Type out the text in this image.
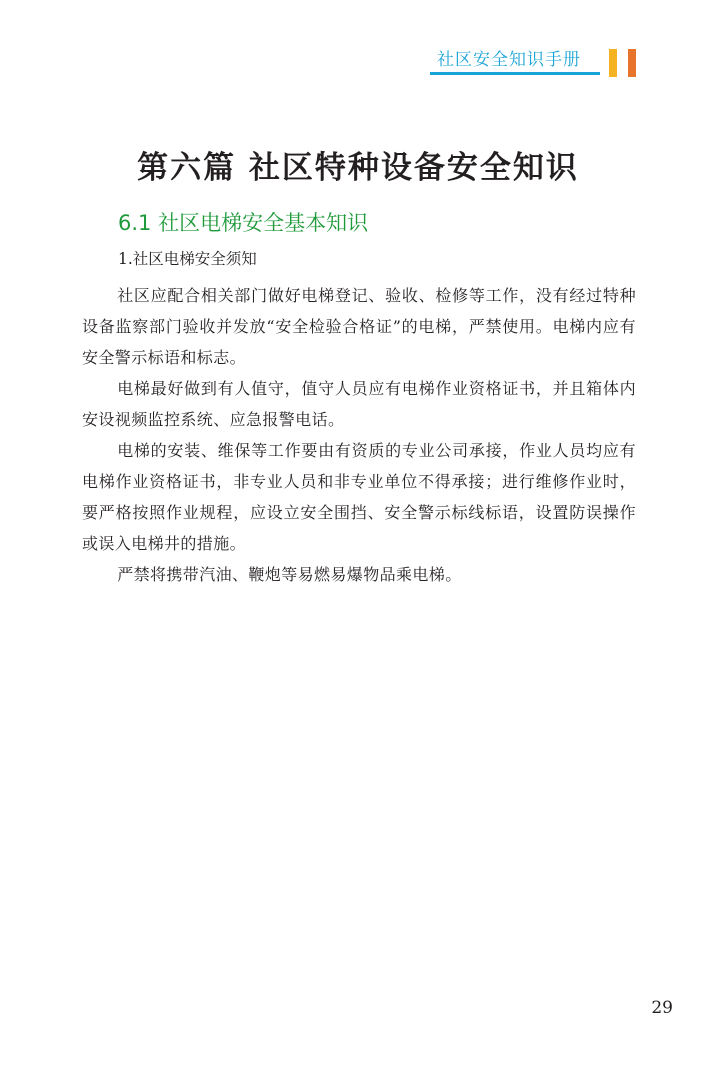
社区安全知识手册
第六篇 社区特种设备安全知识
6.1 社区电梯安全基本知识
1.社区电梯安全须知

社区应配合相关部门做好电梯登记、验收、检修等工作，没有经过特种设备监察部门验收并发放“安全检验合格证”的电梯，严禁使用。电梯内应有安全警示标语和标志。

电梯最好做到有人值守，值守人员应有电梯作业资格证书，并且箱体内安设视频监控系统、应急报警电话。

电梯的安装、维保等工作要由有资质的专业公司承接，作业人员均应有电梯作业资格证书，非专业人员和非专业单位不得承接；进行维修作业时，要严格按照作业规程，应设立安全围挡、安全警示标线标语，设置防误操作或误入电梯井的措施。

严禁将携带汽油、鞭炮等易燃易爆物品乘电梯。

29
